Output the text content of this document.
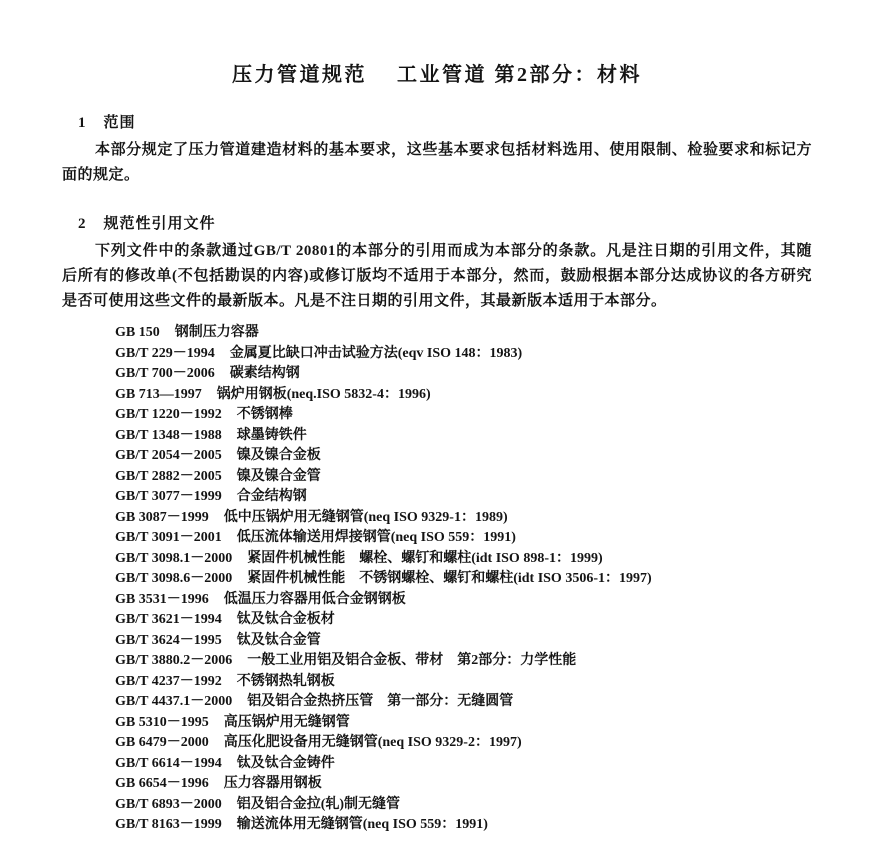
压力管道规范　 工业管道 第2部分：材料
1 范围

本部分规定了压力管道建造材料的基本要求，这些基本要求包括材料选用、使用限制、检验要求和标记方面的规定。

2 规范性引用文件

下列文件中的条款通过GB/T 20801的本部分的引用而成为本部分的条款。凡是注日期的引用文件，其随后所有的修改单(不包括勘误的内容)或修订版均不适用于本部分，然而，鼓励根据本部分达成协议的各方研究是否可使用这些文件的最新版本。凡是不注日期的引用文件，其最新版本适用于本部分。

GB 150 钢制压力容器
GB/T 229－1994 金属夏比缺口冲击试验方法(eqv ISO 148：1983)
GB/T 700－2006 碳素结构钢
GB 713—1997 锅炉用钢板(neq.ISO 5832-4：1996)
GB/T 1220－1992 不锈钢棒
GB/T 1348－1988 球墨铸铁件
GB/T 2054－2005 镍及镍合金板
GB/T 2882－2005 镍及镍合金管
GB/T 3077－1999 合金结构钢
GB 3087－1999 低中压锅炉用无缝钢管(neq ISO 9329-1：1989)
GB/T 3091－2001 低压流体输送用焊接钢管(neq ISO 559：1991)
GB/T 3098.1－2000 紧固件机械性能　螺栓、螺钉和螺柱(idt ISO 898-1：1999)
GB/T 3098.6－2000 紧固件机械性能　不锈钢螺栓、螺钉和螺柱(idt ISO 3506-1：1997)
GB 3531－1996 低温压力容器用低合金钢钢板
GB/T 3621－1994 钛及钛合金板材
GB/T 3624－1995 钛及钛合金管
GB/T 3880.2－2006 一般工业用铝及铝合金板、带材　第2部分：力学性能
GB/T 4237－1992 不锈钢热轧钢板
GB/T 4437.1－2000 铝及铝合金热挤压管　第一部分：无缝圆管
GB 5310－1995 高压锅炉用无缝钢管
GB 6479－2000 高压化肥设备用无缝钢管(neq ISO 9329-2：1997)
GB/T 6614－1994 钛及钛合金铸件
GB 6654－1996 压力容器用钢板
GB/T 6893－2000 铝及铝合金拉(轧)制无缝管
GB/T 8163－1999 输送流体用无缝钢管(neq ISO 559：1991)
